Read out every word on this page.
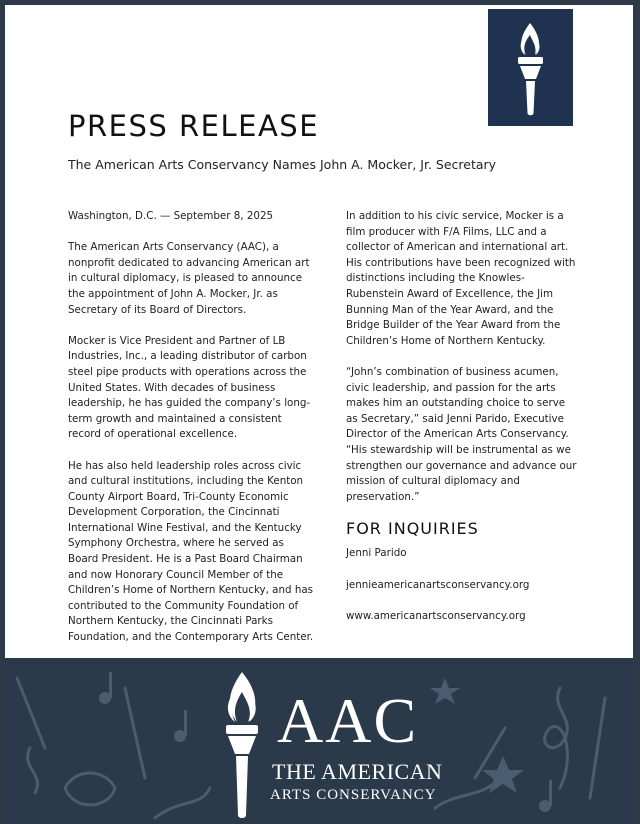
PRESS RELEASE

The American Arts Conservancy Names John A. Mocker, Jr. Secretary

Washington, D.C. — September 8, 2025

The American Arts Conservancy (AAC), a nonprofit dedicated to advancing American art in cultural diplomacy, is pleased to announce the appointment of John A. Mocker, Jr. as Secretary of its Board of Directors.

Mocker is Vice President and Partner of LB Industries, Inc., a leading distributor of carbon steel pipe products with operations across the United States. With decades of business leadership, he has guided the company’s long-term growth and maintained a consistent record of operational excellence.

He has also held leadership roles across civic and cultural institutions, including the Kenton County Airport Board, Tri-County Economic Development Corporation, the Cincinnati International Wine Festival, and the Kentucky Symphony Orchestra, where he served as Board President. He is a Past Board Chairman and now Honorary Council Member of the Children’s Home of Northern Kentucky, and has contributed to the Community Foundation of Northern Kentucky, the Cincinnati Parks Foundation, and the Contemporary Arts Center.

In addition to his civic service, Mocker is a film producer with F/A Films, LLC and a collector of American and international art. His contributions have been recognized with distinctions including the Knowles-Rubenstein Award of Excellence, the Jim Bunning Man of the Year Award, and the Bridge Builder of the Year Award from the Children’s Home of Northern Kentucky.

“John’s combination of business acumen, civic leadership, and passion for the arts makes him an outstanding choice to serve as Secretary,” said Jenni Parido, Executive Director of the American Arts Conservancy. “His stewardship will be instrumental as we strengthen our governance and advance our mission of cultural diplomacy and preservation.”

FOR INQUIRIES

Jenni Parido

jennieamericanartsconservancy.org

www.americanartsconservancy.org

AAC

THE AMERICAN

ARTS CONSERVANCY
